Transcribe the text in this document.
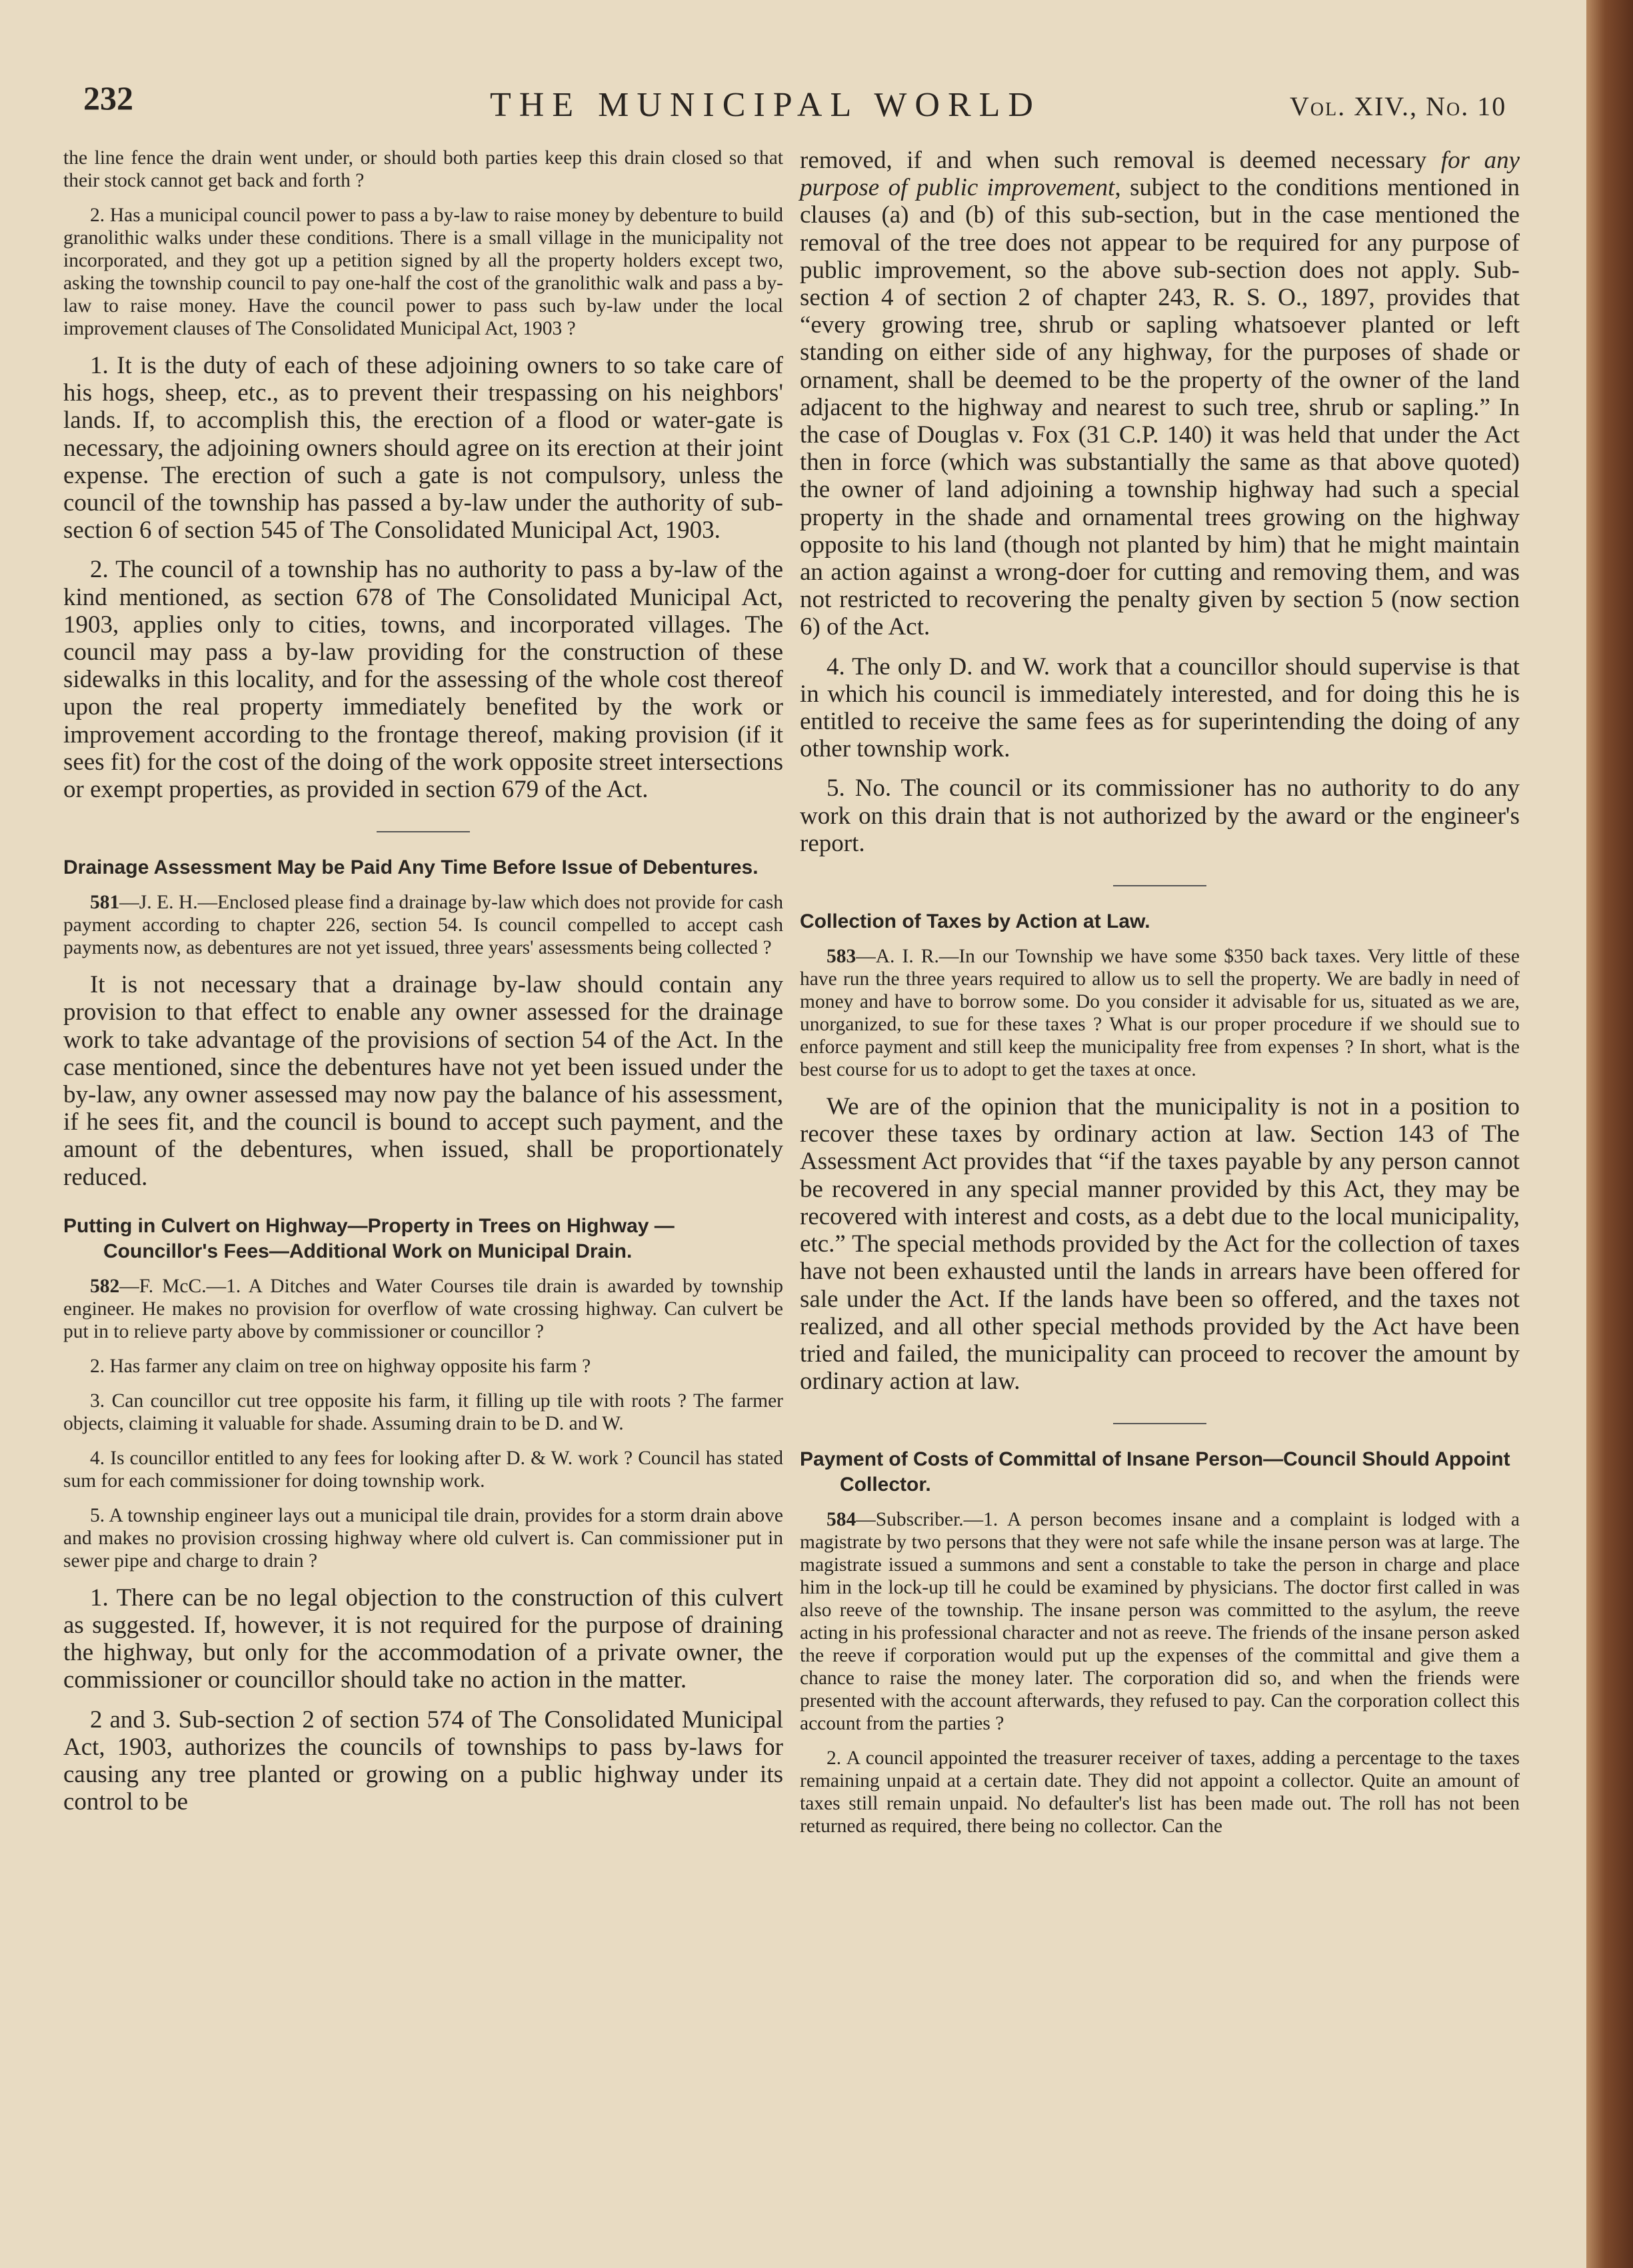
232	THE MUNICIPAL WORLD	Vol. XIV., No. 10

the line fence the drain went under, or should both parties keep this drain closed so that their stock cannot get back and forth ?

2. Has a municipal council power to pass a by-law to raise money by debenture to build granolithic walks under these conditions. There is a small village in the municipality not incorporated, and they got up a petition signed by all the property holders except two, asking the township council to pay one-half the cost of the granolithic walk and pass a by-law to raise money. Have the council power to pass such by-law under the local improvement clauses of The Consolidated Municipal Act, 1903 ?

1. It is the duty of each of these adjoining owners to so take care of his hogs, sheep, etc., as to prevent their trespassing on his neighbors' lands. If, to accomplish this, the erection of a flood or water-gate is necessary, the adjoining owners should agree on its erection at their joint expense. The erection of such a gate is not compulsory, unless the council of the township has passed a by-law under the authority of sub-section 6 of section 545 of The Consolidated Municipal Act, 1903.

2. The council of a township has no authority to pass a by-law of the kind mentioned, as section 678 of The Consolidated Municipal Act, 1903, applies only to cities, towns, and incorporated villages. The council may pass a by-law providing for the construction of these sidewalks in this locality, and for the assessing of the whole cost thereof upon the real property immediately benefited by the work or improvement according to the frontage thereof, making provision (if it sees fit) for the cost of the doing of the work opposite street intersections or exempt properties, as provided in section 679 of the Act.

Drainage Assessment May be Paid Any Time Before Issue of Debentures.

581—J. E. H.—Enclosed please find a drainage by-law which does not provide for cash payment according to chapter 226, section 54. Is council compelled to accept cash payments now, as debentures are not yet issued, three years' assessments being collected ?

It is not necessary that a drainage by-law should contain any provision to that effect to enable any owner assessed for the drainage work to take advantage of the provisions of section 54 of the Act. In the case mentioned, since the debentures have not yet been issued under the by-law, any owner assessed may now pay the balance of his assessment, if he sees fit, and the council is bound to accept such payment, and the amount of the debentures, when issued, shall be proportionately reduced.

Putting in Culvert on Highway—Property in Trees on Highway —Councillor's Fees—Additional Work on Municipal Drain.

582—F. McC.—1. A Ditches and Water Courses tile drain is awarded by township engineer. He makes no provision for overflow of wate crossing highway. Can culvert be put in to relieve party above by commissioner or councillor ?

2. Has farmer any claim on tree on highway opposite his farm ?

3. Can councillor cut tree opposite his farm, it filling up tile with roots ? The farmer objects, claiming it valuable for shade. Assuming drain to be D. and W.

4. Is councillor entitled to any fees for looking after D. & W. work ? Council has stated sum for each commissioner for doing township work.

5. A township engineer lays out a municipal tile drain, provides for a storm drain above and makes no provision crossing highway where old culvert is. Can commissioner put in sewer pipe and charge to drain ?

1. There can be no legal objection to the construction of this culvert as suggested. If, however, it is not required for the purpose of draining the highway, but only for the accommodation of a private owner, the commissioner or councillor should take no action in the matter.

2 and 3. Sub-section 2 of section 574 of The Consolidated Municipal Act, 1903, authorizes the councils of townships to pass by-laws for causing any tree planted or growing on a public highway under its control to be

removed, if and when such removal is deemed necessary for any purpose of public improvement, subject to the conditions mentioned in clauses (a) and (b) of this sub-section, but in the case mentioned the removal of the tree does not appear to be required for any purpose of public improvement, so the above sub-section does not apply. Sub-section 4 of section 2 of chapter 243, R. S. O., 1897, provides that “every growing tree, shrub or sapling whatsoever planted or left standing on either side of any highway, for the purposes of shade or ornament, shall be deemed to be the property of the owner of the land adjacent to the highway and nearest to such tree, shrub or sapling.” In the case of Douglas v. Fox (31 C.P. 140) it was held that under the Act then in force (which was substantially the same as that above quoted) the owner of land adjoining a township highway had such a special property in the shade and ornamental trees growing on the highway opposite to his land (though not planted by him) that he might maintain an action against a wrong-doer for cutting and removing them, and was not restricted to recovering the penalty given by section 5 (now section 6) of the Act.

4. The only D. and W. work that a councillor should supervise is that in which his council is immediately interested, and for doing this he is entitled to receive the same fees as for superintending the doing of any other township work.

5. No. The council or its commissioner has no authority to do any work on this drain that is not authorized by the award or the engineer's report.

Collection of Taxes by Action at Law.

583—A. I. R.—In our Township we have some $350 back taxes. Very little of these have run the three years required to allow us to sell the property. We are badly in need of money and have to borrow some. Do you consider it advisable for us, situated as we are, unorganized, to sue for these taxes ? What is our proper procedure if we should sue to enforce payment and still keep the municipality free from expenses ? In short, what is the best course for us to adopt to get the taxes at once.

We are of the opinion that the municipality is not in a position to recover these taxes by ordinary action at law. Section 143 of The Assessment Act provides that “if the taxes payable by any person cannot be recovered in any special manner provided by this Act, they may be recovered with interest and costs, as a debt due to the local municipality, etc.” The special methods provided by the Act for the collection of taxes have not been exhausted until the lands in arrears have been offered for sale under the Act. If the lands have been so offered, and the taxes not realized, and all other special methods provided by the Act have been tried and failed, the municipality can proceed to recover the amount by ordinary action at law.

Payment of Costs of Committal of Insane Person—Council Should Appoint Collector.

584—Subscriber.—1. A person becomes insane and a complaint is lodged with a magistrate by two persons that they were not safe while the insane person was at large. The magistrate issued a summons and sent a constable to take the person in charge and place him in the lock-up till he could be examined by physicians. The doctor first called in was also reeve of the township. The insane person was committed to the asylum, the reeve acting in his professional character and not as reeve. The friends of the insane person asked the reeve if corporation would put up the expenses of the committal and give them a chance to raise the money later. The corporation did so, and when the friends were presented with the account afterwards, they refused to pay. Can the corporation collect this account from the parties ?

2. A council appointed the treasurer receiver of taxes, adding a percentage to the taxes remaining unpaid at a certain date. They did not appoint a collector. Quite an amount of taxes still remain unpaid. No defaulter's list has been made out. The roll has not been returned as required, there being no collector. Can the
